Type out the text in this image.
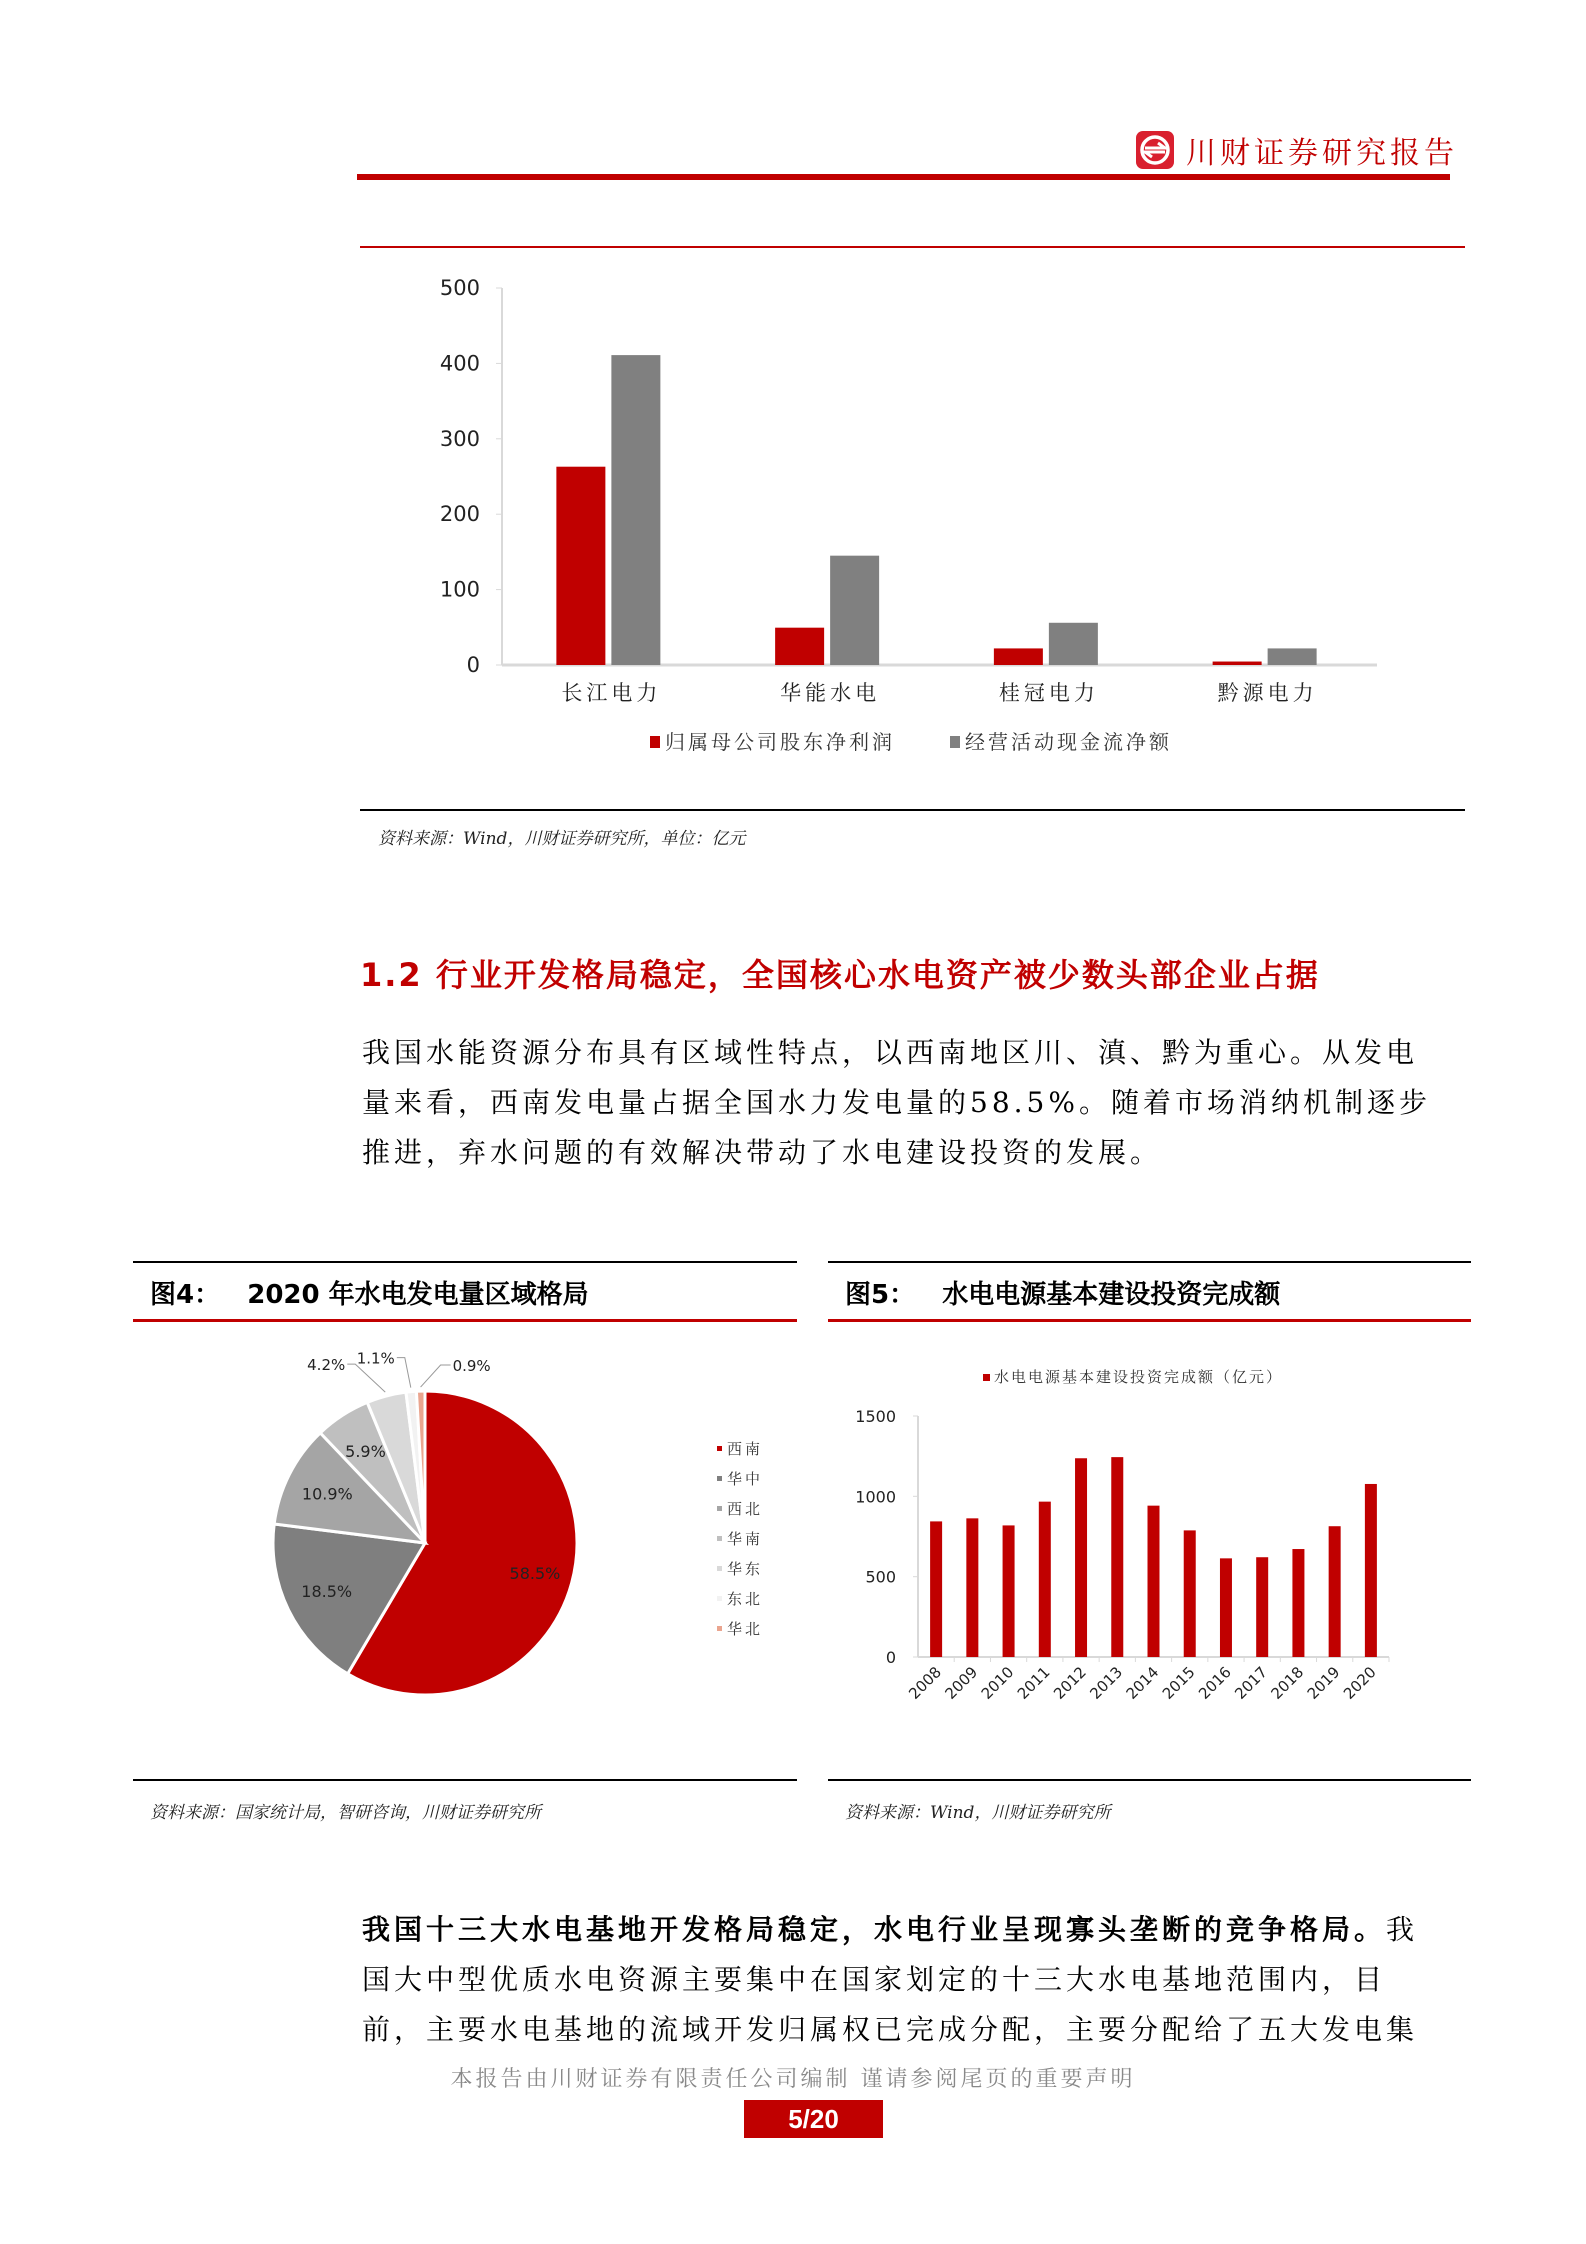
川财证券研究报告
0
100
200
300
400
500
长江电力	华能水电	桂冠电力	黔源电力
归属母公司股东净利润	经营活动现金流净额
资料来源：Wind，川财证券研究所，单位：亿元
1.2 行业开发格局稳定，全国核心水电资产被少数头部企业占据
我国水能资源分布具有区域性特点，以西南地区川、滇、黔为重心。从发电
量来看，西南发电量占据全国水力发电量的58.5%。随着市场消纳机制逐步
推进，弃水问题的有效解决带动了水电建设投资的发展。
图4： 2020 年水电发电量区域格局
58.5%
18.5%
10.9%
5.9%
4.2% 1.1%	0.9%
西南
华中
西北
华南
华东
东北
华北
资料来源：国家统计局，智研咨询，川财证券研究所
图5： 水电电源基本建设投资完成额
水电电源基本建设投资完成额（亿元）
0
500
1000
1500
2008
2009
2010
2011
2012
2013
2014
2015
2016
2017
2018
2019
2020
资料来源：Wind，川财证券研究所
我国十三大水电基地开发格局稳定，水电行业呈现寡头垄断的竞争格局。我
国大中型优质水电资源主要集中在国家划定的十三大水电基地范围内，目
前，主要水电基地的流域开发归属权已完成分配，主要分配给了五大发电集
本报告由川财证券有限责任公司编制 谨请参阅尾页的重要声明
5/20
